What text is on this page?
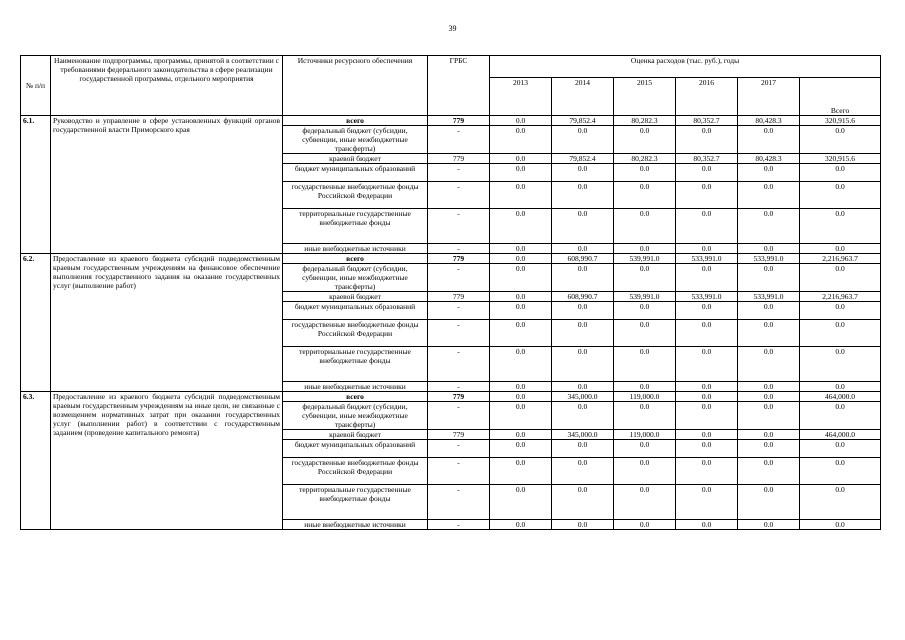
39
№ п/п	Наименование подпрограммы, программы, принятой в соответствии с требованиями федерального законодательства в сфере реализации государственной программы, отдельного мероприятия	Источники ресурсного обеспечения	ГРБС	Оценка расходов (тыс. руб.), годы					
				2013	2014	2015	2016	2017	Всего
6.1.	Руководство и управление в сфере установленных функций органов государственной власти Приморского края	всего	779	0.0	79,852.4	80,282.3	80,352.7	80,428.3	320,915.6
		федеральный бюджет (субсидии, субвенции, иные межбюджетные трансферты)	-	0.0	0.0	0.0	0.0	0.0	0.0
		краевой бюджет	779	0.0	79,852.4	80,282.3	80,352.7	80,428.3	320,915.6
		бюджет муниципальных образований	-	0.0	0.0	0.0	0.0	0.0	0.0
		государственные внебюджетные фонды Российской Федерации	-	0.0	0.0	0.0	0.0	0.0	0.0
		территориальные государственные внебюджетные фонды	-	0.0	0.0	0.0	0.0	0.0	0.0
		иные внебюджетные источники	-	0.0	0.0	0.0	0.0	0.0	0.0
6.2.	Предоставление из краевого бюджета субсидий подведомственным краевым государственным учреждениям на финансовое обеспечение выполнения государственного задания на оказание государственных услуг (выполнение работ)	всего	779	0.0	608,990.7	539,991.0	533,991.0	533,991.0	2,216,963.7
		федеральный бюджет (субсидии, субвенции, иные межбюджетные трансферты)	-	0.0	0.0	0.0	0.0	0.0	0.0
		краевой бюджет	779	0.0	608,990.7	539,991.0	533,991.0	533,991.0	2,216,963.7
		бюджет муниципальных образований	-	0.0	0.0	0.0	0.0	0.0	0.0
		государственные внебюджетные фонды Российской Федерации	-	0.0	0.0	0.0	0.0	0.0	0.0
		территориальные государственные внебюджетные фонды	-	0.0	0.0	0.0	0.0	0.0	0.0
		иные внебюджетные источники	-	0.0	0.0	0.0	0.0	0.0	0.0
6.3.	Предоставление из краевого бюджета субсидий подведомственным краевым государственным учреждениям на иные цели, не связанные с возмещением нормативных затрат при оказании государственных услуг (выполнении работ) в соответствии с государственным заданием (проведение капитального ремонта)	всего	779	0.0	345,000.0	119,000.0	0.0	0.0	464,000.0
		федеральный бюджет (субсидии, субвенции, иные межбюджетные трансферты)	-	0.0	0.0	0.0	0.0	0.0	0.0
		краевой бюджет	779	0.0	345,000.0	119,000.0	0.0	0.0	464,000.0
		бюджет муниципальных образований	-	0.0	0.0	0.0	0.0	0.0	0.0
		государственные внебюджетные фонды Российской Федерации	-	0.0	0.0	0.0	0.0	0.0	0.0
		территориальные государственные внебюджетные фонды	-	0.0	0.0	0.0	0.0	0.0	0.0
		иные внебюджетные источники	-	0.0	0.0	0.0	0.0	0.0	0.0
